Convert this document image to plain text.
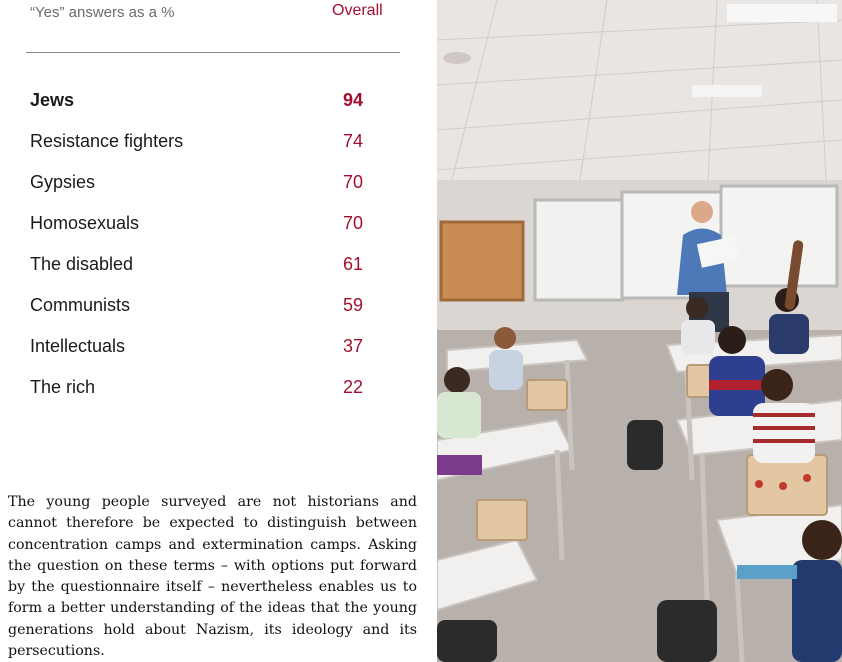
“Yes” answers as a %	Overall
Jews	94
Resistance fighters	74
Gypsies	70
Homosexuals	70
The disabled	61
Communists	59
Intellectuals	37
The rich	22

The young people surveyed are not historians and cannot therefore be expected to distinguish between concentration camps and extermination camps. Asking the question on these terms – with options put forward by the questionnaire itself – nevertheless enables us to form a better understanding of the ideas that the young generations hold about Nazism, its ideology and its persecutions.
